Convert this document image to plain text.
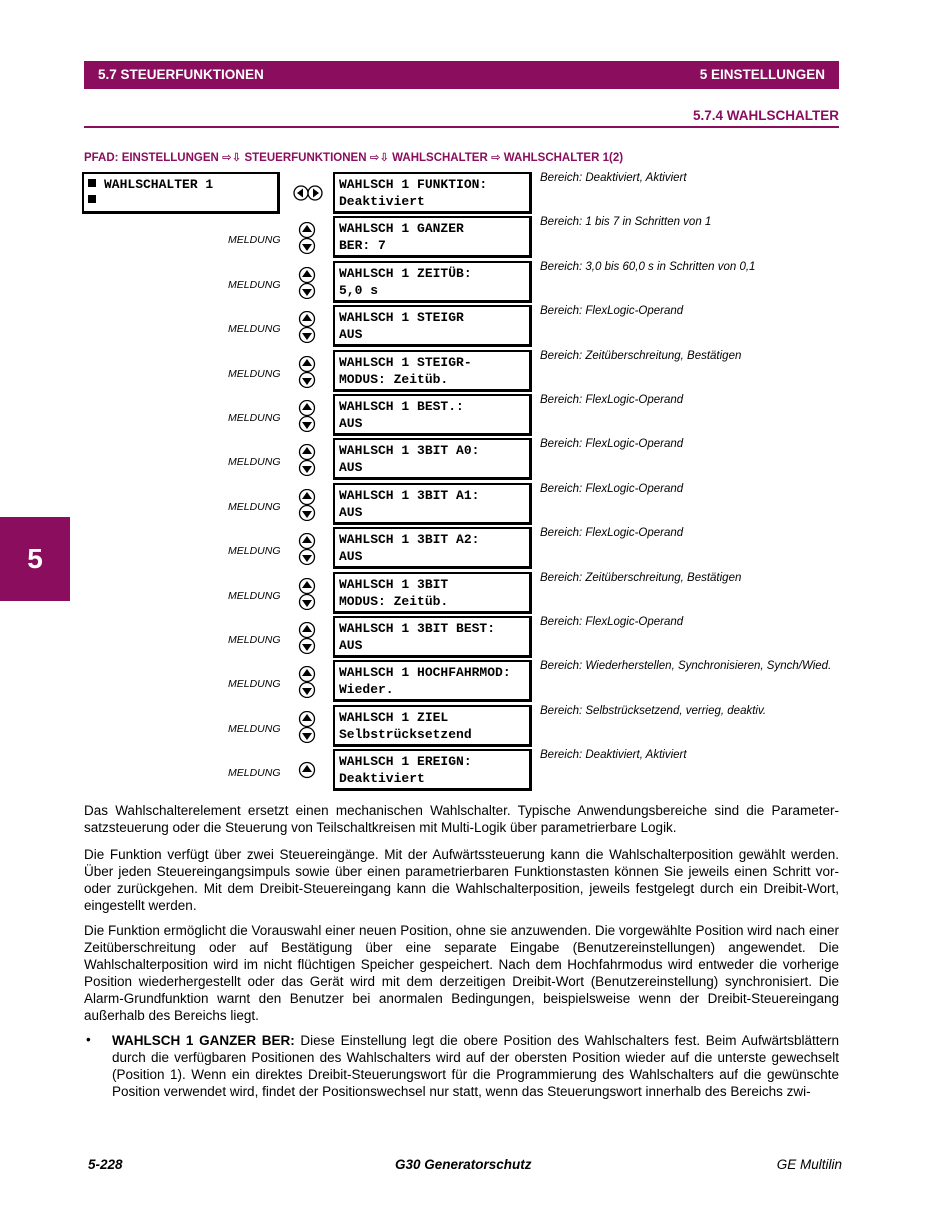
5.7 STEUERFUNKTIONEN	5 EINSTELLUNGEN
5.7.4 WAHLSCHALTER
PFAD: EINSTELLUNGEN ⇨⇩ STEUERFUNKTIONEN ⇨⇩ WAHLSCHALTER ⇨ WAHLSCHALTER 1(2)
5
WAHLSCHALTER 1	WAHLSCH 1 FUNKTION:
Deaktiviert
Bereich: Deaktiviert, Aktiviert
MELDUNG
WAHLSCH 1 GANZER
BER: 7
Bereich: 1 bis 7 in Schritten von 1
MELDUNG
WAHLSCH 1 ZEITÜB:
5,0 s
Bereich: 3,0 bis 60,0 s in Schritten von 0,1
MELDUNG
WAHLSCH 1 STEIGR
AUS
Bereich: FlexLogic-Operand
MELDUNG
WAHLSCH 1 STEIGR-
MODUS: Zeitüb.
Bereich: Zeitüberschreitung, Bestätigen
MELDUNG
WAHLSCH 1 BEST.:
AUS
Bereich: FlexLogic-Operand
MELDUNG
WAHLSCH 1 3BIT A0:
AUS
Bereich: FlexLogic-Operand
MELDUNG
WAHLSCH 1 3BIT A1:
AUS
Bereich: FlexLogic-Operand
MELDUNG
WAHLSCH 1 3BIT A2:
AUS
Bereich: FlexLogic-Operand
MELDUNG
WAHLSCH 1 3BIT
MODUS: Zeitüb.
Bereich: Zeitüberschreitung, Bestätigen
MELDUNG
WAHLSCH 1 3BIT BEST:
AUS
Bereich: FlexLogic-Operand
MELDUNG
WAHLSCH 1 HOCHFAHRMOD:
Wieder.
Bereich: Wiederherstellen, Synchronisieren, Synch/Wied.
MELDUNG
WAHLSCH 1 ZIEL
Selbstrücksetzend
Bereich: Selbstrücksetzend, verrieg, deaktiv.
MELDUNG
WAHLSCH 1 EREIGN:
Deaktiviert
Bereich: Deaktiviert, Aktiviert
Das Wahlschalterelement ersetzt einen mechanischen Wahlschalter. Typische Anwendungsbereiche sind die Parameter-satzsteuerung oder die Steuerung von Teilschaltkreisen mit Multi-Logik über parametrierbare Logik.
Die Funktion verfügt über zwei Steuereingänge. Mit der Aufwärtssteuerung kann die Wahlschalterposition gewählt werden. Über jeden Steuereingangsimpuls sowie über einen parametrierbaren Funktionstasten können Sie jeweils einen Schritt vor- oder zurückgehen. Mit dem Dreibit-Steuereingang kann die Wahlschalterposition, jeweils festgelegt durch ein Dreibit-Wort, eingestellt werden.
Die Funktion ermöglicht die Vorauswahl einer neuen Position, ohne sie anzuwenden. Die vorgewählte Position wird nach einer Zeitüberschreitung oder auf Bestätigung über eine separate Eingabe (Benutzereinstellungen) angewendet. Die Wahlschalterposition wird im nicht flüchtigen Speicher gespeichert. Nach dem Hochfahrmodus wird entweder die vorherige Position wiederhergestellt oder das Gerät wird mit dem derzeitigen Dreibit-Wort (Benutzereinstellung) synchronisiert. Die Alarm-Grundfunktion warnt den Benutzer bei anormalen Bedingungen, beispielsweise wenn der Dreibit-Steuereingang außerhalb des Bereichs liegt.
• WAHLSCH 1 GANZER BER: Diese Einstellung legt die obere Position des Wahlschalters fest. Beim Aufwärtsblättern durch die verfügbaren Positionen des Wahlschalters wird auf der obersten Position wieder auf die unterste gewechselt (Position 1). Wenn ein direktes Dreibit-Steuerungswort für die Programmierung des Wahlschalters auf die gewünschte Position verwendet wird, findet der Positionswechsel nur statt, wenn das Steuerungswort innerhalb des Bereichs zwi-
5-228	G30 Generatorschutz	GE Multilin
